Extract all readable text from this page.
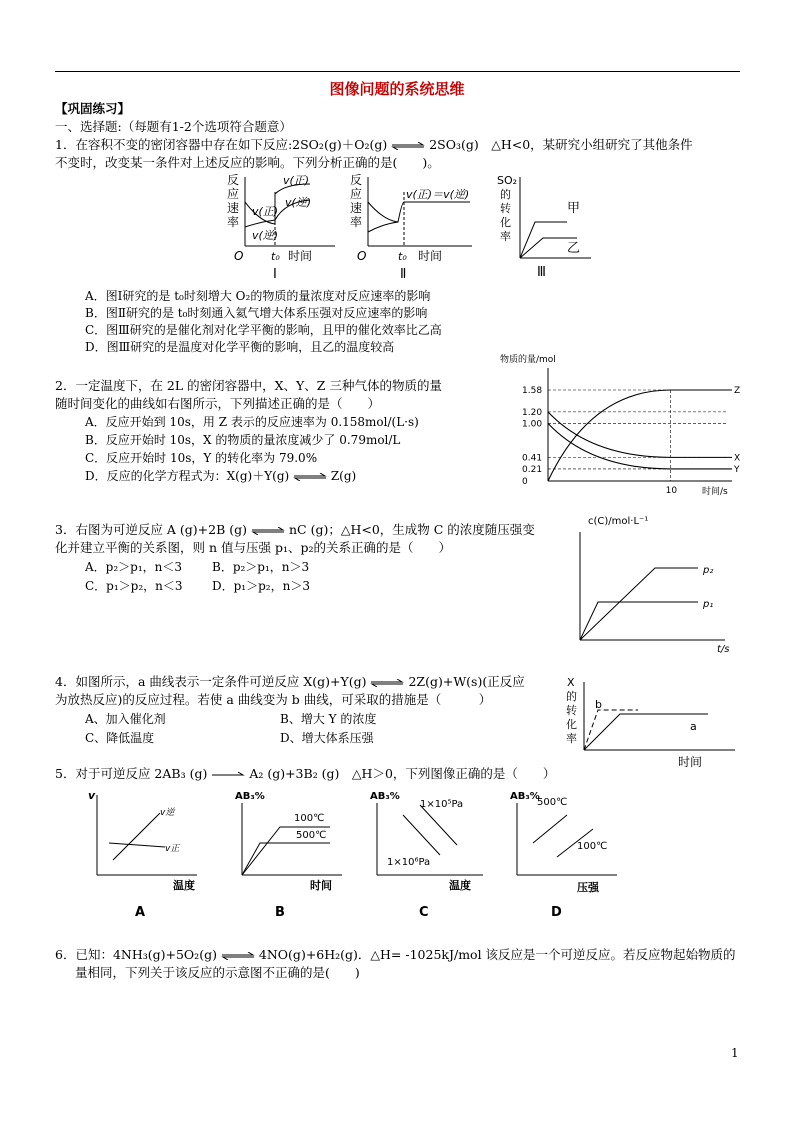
图像问题的系统思维
【巩固练习】
一、选择题:（每题有1-2个选项符合题意）
1．在容积不变的密闭容器中存在如下反应:2SO₂(g)＋O₂(g) ⇌ 2SO₃(g)　△H<0，某研究小组研究了其他条件
不变时，改变某一条件对上述反应的影响。下列分析正确的是(　　)。
反
应
速
率
v(正)
v(逆)
v(正)
v(逆)
O	t₀ 时间
Ⅰ
反
应
速
率
v(正)＝v(逆)
O	t₀ 时间
Ⅱ
SO₂
的
转
化
率
甲
乙
Ⅲ
A．图Ⅰ研究的是 t₀时刻增大 O₂的物质的量浓度对反应速率的影响
B．图Ⅱ研究的是 t₀时刻通入氦气增大体系压强对反应速率的影响
C．图Ⅲ研究的是催化剂对化学平衡的影响，且甲的催化效率比乙高
D．图Ⅲ研究的是温度对化学平衡的影响，且乙的温度较高
2．一定温度下，在 2L 的密闭容器中，X、Y、Z 三种气体的物质的量
随时间变化的曲线如右图所示，下列描述正确的是（　　）
A．反应开始到 10s，用 Z 表示的反应速率为 0.158mol/(L·s)
B．反应开始时 10s，X 的物质的量浓度减少了 0.79mol/L
C．反应开始时 10s，Y 的转化率为 79.0%
D．反应的化学方程式为：X(g)＋Y(g) ⇌ Z(g)
物质的量/mol
时间/s
1.58
1.20
1.00
0.41
0.21
0
10
Z
X
Y
3．右图为可逆反应 A (g)+2B (g) ⇌ nC (g)；△H<0，生成物 C 的浓度随压强变
化并建立平衡的关系图，则 n 值与压强 p₁、p₂的关系正确的是（　　）
A．p₂＞p₁，n＜3 B．p₂＞p₁，n＞3
C．p₁＞p₂，n＜3 D．p₁＞p₂，n＞3
c(C)/mol·L⁻¹
p₂
p₁
t/s
4．如图所示，a 曲线表示一定条件可逆反应 X(g)+Y(g) ⇌ 2Z(g)+W(s)(正反应
为放热反应)的反应过程。若使 a 曲线变为 b 曲线，可采取的措施是（　　　）
A、加入催化剂	B、增大 Y 的浓度
C、降低温度	D、增大体系压强
X
的
转
化
率
b
a
时间
5．对于可逆反应 2AB₃ (g)	A₂ (g)+3B₂ (g)　△H＞0，下列图像正确的是（　　）
v
v逆
v正
温度
A
AB₃%
100℃
500℃
时间
B
AB₃%
1×10⁵Pa
1×10⁶Pa
温度
C
AB₃%
500℃
100℃
压强
D
6．已知：4NH₃(g)+5O₂(g) ⇌ 4NO(g)+6H₂(g)．△H= -1025kJ/mol 该反应是一个可逆反应。若反应物起始物质的
量相同，下列关于该反应的示意图不正确的是(　　)
1
